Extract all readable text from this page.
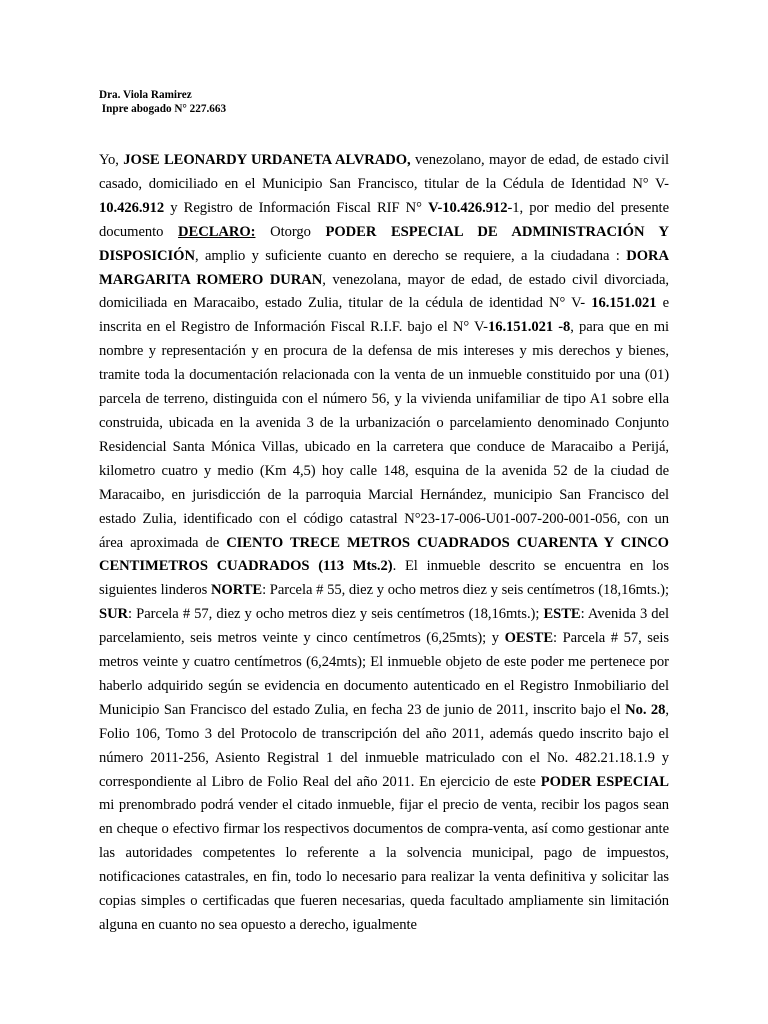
Dra. Viola Ramirez
Inpre abogado N° 227.663
Yo, JOSE LEONARDY URDANETA ALVRADO, venezolano, mayor de edad, de estado civil casado, domiciliado en el Municipio San Francisco, titular de la Cédula de Identidad N° V- 10.426.912 y Registro de Información Fiscal RIF N° V-10.426.912-1, por medio del presente documento DECLARO: Otorgo PODER ESPECIAL DE ADMINISTRACIÓN Y DISPOSICIÓN, amplio y suficiente cuanto en derecho se requiere, a la ciudadana : DORA MARGARITA ROMERO DURAN, venezolana, mayor de edad, de estado civil divorciada, domiciliada en Maracaibo, estado Zulia, titular de la cédula de identidad N° V- 16.151.021 e inscrita en el Registro de Información Fiscal R.I.F. bajo el N° V-16.151.021 -8, para que en mi nombre y representación y en procura de la defensa de mis intereses y mis derechos y bienes, tramite toda la documentación relacionada con la venta de un inmueble constituido por una (01) parcela de terreno, distinguida con el número 56, y la vivienda unifamiliar de tipo A1 sobre ella construida, ubicada en la avenida 3 de la urbanización o parcelamiento denominado Conjunto Residencial Santa Mónica Villas, ubicado en la carretera que conduce de Maracaibo a Perijá, kilometro cuatro y medio (Km 4,5) hoy calle 148, esquina de la avenida 52 de la ciudad de Maracaibo, en jurisdicción de la parroquia Marcial Hernández, municipio San Francisco del estado Zulia, identificado con el código catastral N°23-17-006-U01-007-200-001-056, con un área aproximada de CIENTO TRECE METROS CUADRADOS CUARENTA Y CINCO CENTIMETROS CUADRADOS (113 Mts.2). El inmueble descrito se encuentra en los siguientes linderos NORTE: Parcela # 55, diez y ocho metros diez y seis centímetros (18,16mts.); SUR: Parcela # 57, diez y ocho metros diez y seis centímetros (18,16mts.); ESTE: Avenida 3 del parcelamiento, seis metros veinte y cinco centímetros (6,25mts); y OESTE: Parcela # 57, seis metros veinte y cuatro centímetros (6,24mts); El inmueble objeto de este poder me pertenece por haberlo adquirido según se evidencia en documento autenticado en el Registro Inmobiliario del Municipio San Francisco del estado Zulia, en fecha 23 de junio de 2011, inscrito bajo el No. 28, Folio 106, Tomo 3 del Protocolo de transcripción del año 2011, además quedo inscrito bajo el número 2011-256, Asiento Registral 1 del inmueble matriculado con el No. 482.21.18.1.9 y correspondiente al Libro de Folio Real del año 2011. En ejercicio de este PODER ESPECIAL mi prenombrado podrá vender el citado inmueble, fijar el precio de venta, recibir los pagos sean en cheque o efectivo firmar los respectivos documentos de compra-venta, así como gestionar ante las autoridades competentes lo referente a la solvencia municipal, pago de impuestos, notificaciones catastrales, en fin, todo lo necesario para realizar la venta definitiva y solicitar las copias simples o certificadas que fueren necesarias, queda facultado ampliamente sin limitación alguna en cuanto no sea opuesto a derecho, igualmente
